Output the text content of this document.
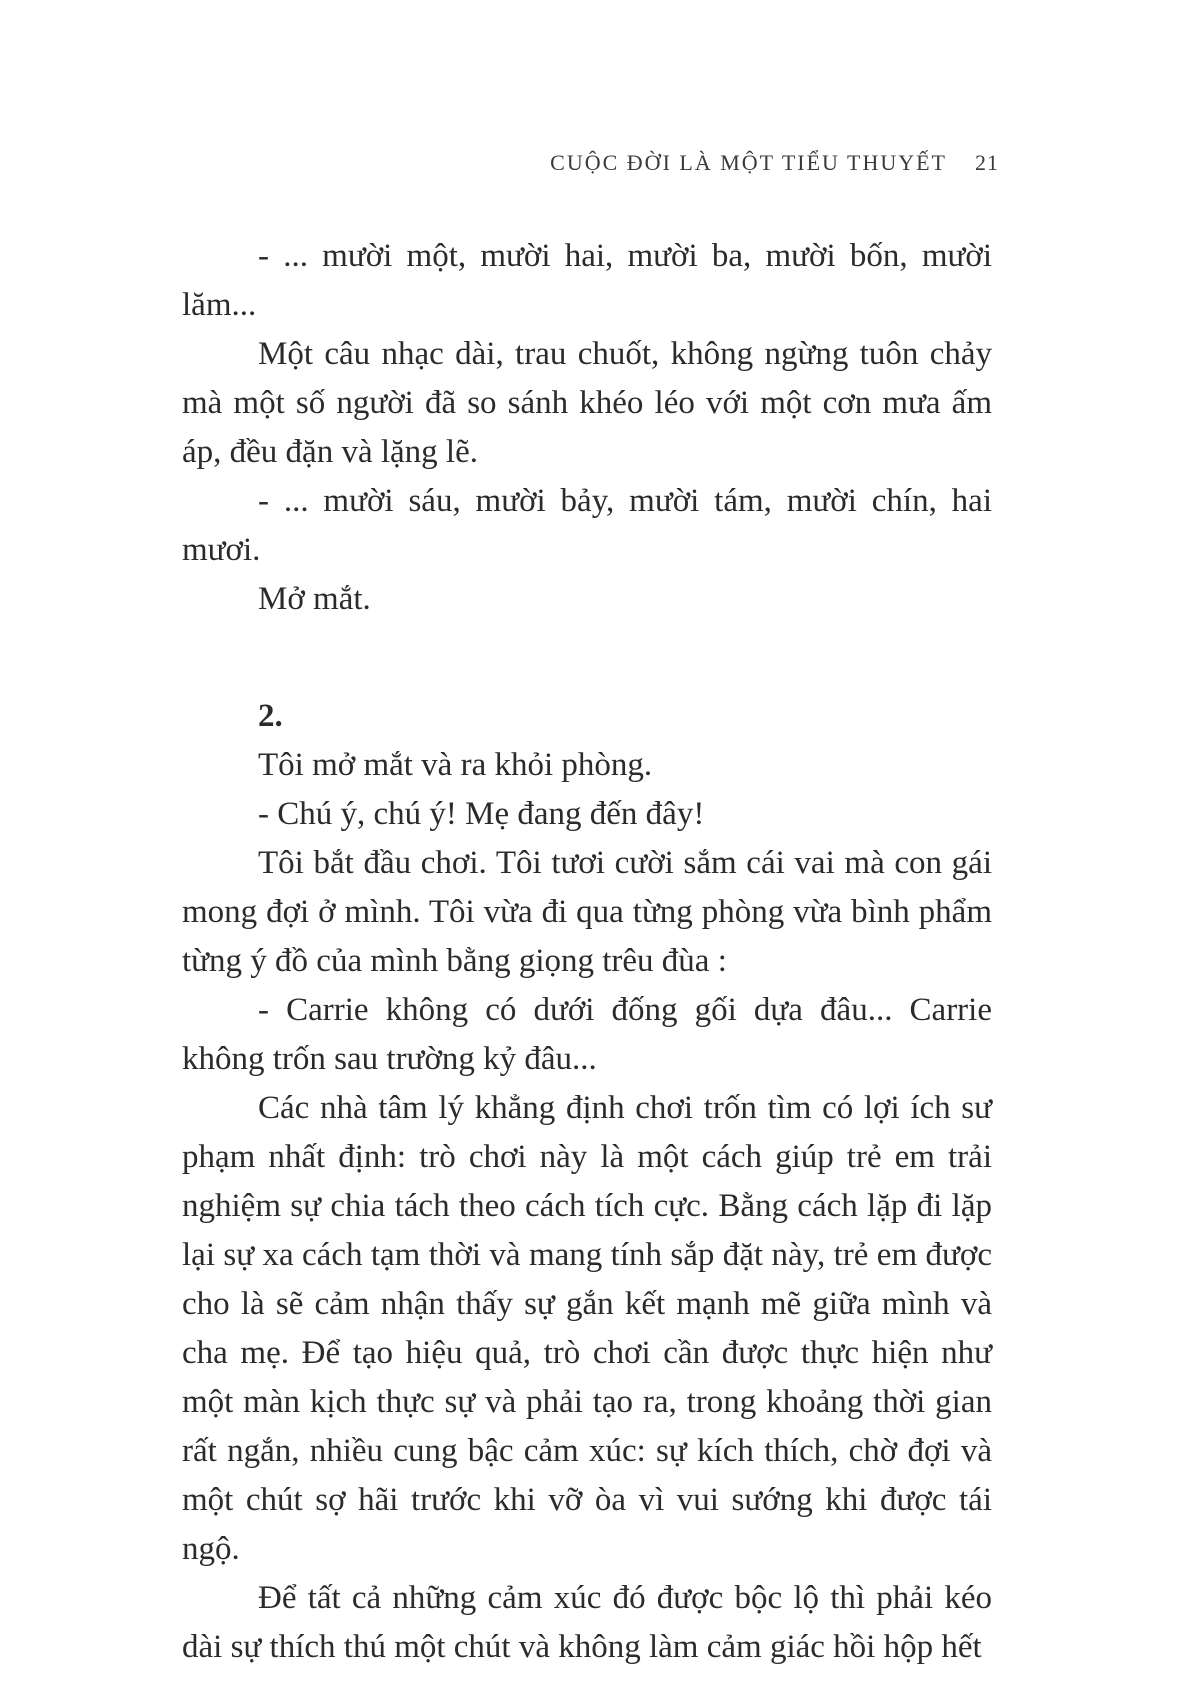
CUỘC ĐỜI LÀ MỘT TIỂU THUYẾT 21

- ... mười một, mười hai, mười ba, mười bốn, mười lăm...

Một câu nhạc dài, trau chuốt, không ngừng tuôn chảy mà một số người đã so sánh khéo léo với một cơn mưa ấm áp, đều đặn và lặng lẽ.

- ... mười sáu, mười bảy, mười tám, mười chín, hai mươi.

Mở mắt.

2.

Tôi mở mắt và ra khỏi phòng.

- Chú ý, chú ý! Mẹ đang đến đây!

Tôi bắt đầu chơi. Tôi tươi cười sắm cái vai mà con gái mong đợi ở mình. Tôi vừa đi qua từng phòng vừa bình phẩm từng ý đồ của mình bằng giọng trêu đùa :

- Carrie không có dưới đống gối dựa đâu... Carrie không trốn sau trường kỷ đâu...

Các nhà tâm lý khẳng định chơi trốn tìm có lợi ích sư phạm nhất định: trò chơi này là một cách giúp trẻ em trải nghiệm sự chia tách theo cách tích cực. Bằng cách lặp đi lặp lại sự xa cách tạm thời và mang tính sắp đặt này, trẻ em được cho là sẽ cảm nhận thấy sự gắn kết mạnh mẽ giữa mình và cha mẹ. Để tạo hiệu quả, trò chơi cần được thực hiện như một màn kịch thực sự và phải tạo ra, trong khoảng thời gian rất ngắn, nhiều cung bậc cảm xúc: sự kích thích, chờ đợi và một chút sợ hãi trước khi vỡ òa vì vui sướng khi được tái ngộ.

Để tất cả những cảm xúc đó được bộc lộ thì phải kéo dài sự thích thú một chút và không làm cảm giác hồi hộp hết
